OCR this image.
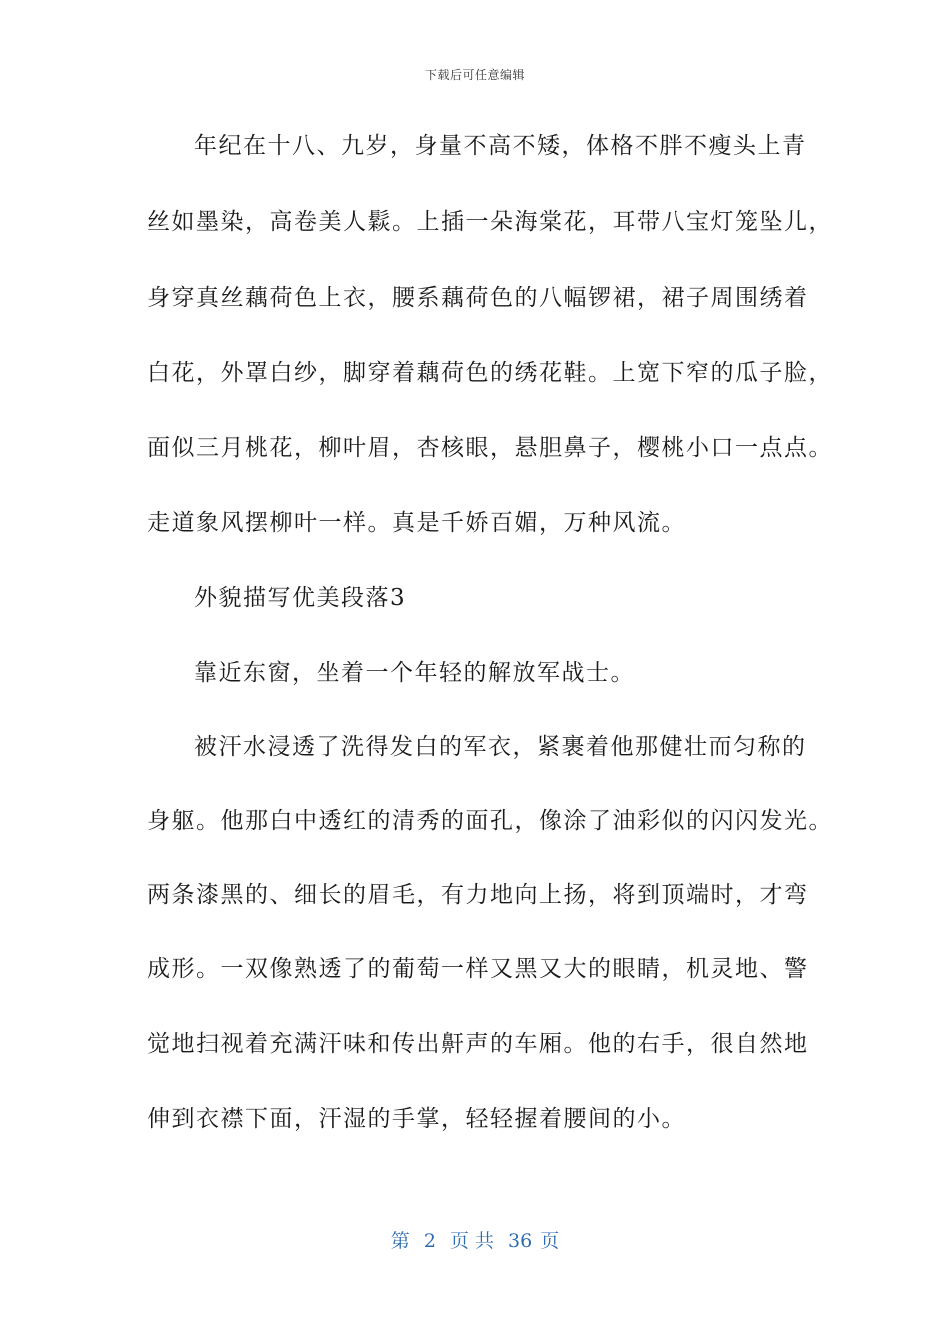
下载后可任意编辑
年纪在十八、九岁，身量不高不矮，体格不胖不瘦头上青
丝如墨染，高卷美人鬏。上插一朵海棠花，耳带八宝灯笼坠儿，
身穿真丝藕荷色上衣，腰系藕荷色的八幅锣裙，裙子周围绣着
白花，外罩白纱，脚穿着藕荷色的绣花鞋。上宽下窄的瓜子脸，
面似三月桃花，柳叶眉，杏核眼，悬胆鼻子，樱桃小口一点点。
走道象风摆柳叶一样。真是千娇百媚，万种风流。
外貌描写优美段落3
靠近东窗，坐着一个年轻的解放军战士。
被汗水浸透了洗得发白的军衣，紧裹着他那健壮而匀称的
身躯。他那白中透红的清秀的面孔，像涂了油彩似的闪闪发光。
两条漆黑的、细长的眉毛，有力地向上扬，将到顶端时，才弯
成形。一双像熟透了的葡萄一样又黑又大的眼睛，机灵地、警
觉地扫视着充满汗味和传出鼾声的车厢。他的右手，很自然地
伸到衣襟下面，汗湿的手掌，轻轻握着腰间的小。
第 2 页 共 36 页
